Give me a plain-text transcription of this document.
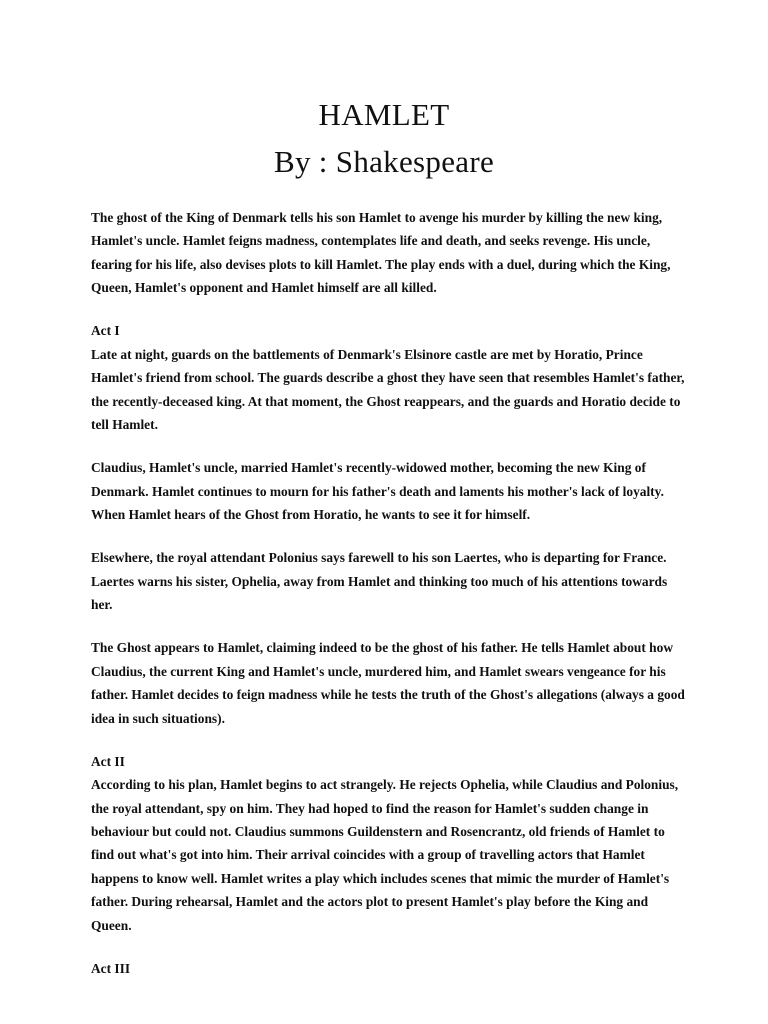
HAMLET
By : Shakespeare

The ghost of the King of Denmark tells his son Hamlet to avenge his murder by killing the new king, Hamlet's uncle. Hamlet feigns madness, contemplates life and death, and seeks revenge. His uncle, fearing for his life, also devises plots to kill Hamlet. The play ends with a duel, during which the King, Queen, Hamlet's opponent and Hamlet himself are all killed.

Act I
Late at night, guards on the battlements of Denmark's Elsinore castle are met by Horatio, Prince Hamlet's friend from school. The guards describe a ghost they have seen that resembles Hamlet's father, the recently-deceased king. At that moment, the Ghost reappears, and the guards and Horatio decide to tell Hamlet.

Claudius, Hamlet's uncle, married Hamlet's recently-widowed mother, becoming the new King of Denmark. Hamlet continues to mourn for his father's death and laments his mother's lack of loyalty. When Hamlet hears of the Ghost from Horatio, he wants to see it for himself.

Elsewhere, the royal attendant Polonius says farewell to his son Laertes, who is departing for France. Laertes warns his sister, Ophelia, away from Hamlet and thinking too much of his attentions towards her.

The Ghost appears to Hamlet, claiming indeed to be the ghost of his father. He tells Hamlet about how Claudius, the current King and Hamlet's uncle, murdered him, and Hamlet swears vengeance for his father. Hamlet decides to feign madness while he tests the truth of the Ghost's allegations (always a good idea in such situations).

Act II
According to his plan, Hamlet begins to act strangely. He rejects Ophelia, while Claudius and Polonius, the royal attendant, spy on him. They had hoped to find the reason for Hamlet's sudden change in behaviour but could not. Claudius summons Guildenstern and Rosencrantz, old friends of Hamlet to find out what's got into him. Their arrival coincides with a group of travelling actors that Hamlet happens to know well. Hamlet writes a play which includes scenes that mimic the murder of Hamlet's father. During rehearsal, Hamlet and the actors plot to present Hamlet's play before the King and Queen.

Act III
